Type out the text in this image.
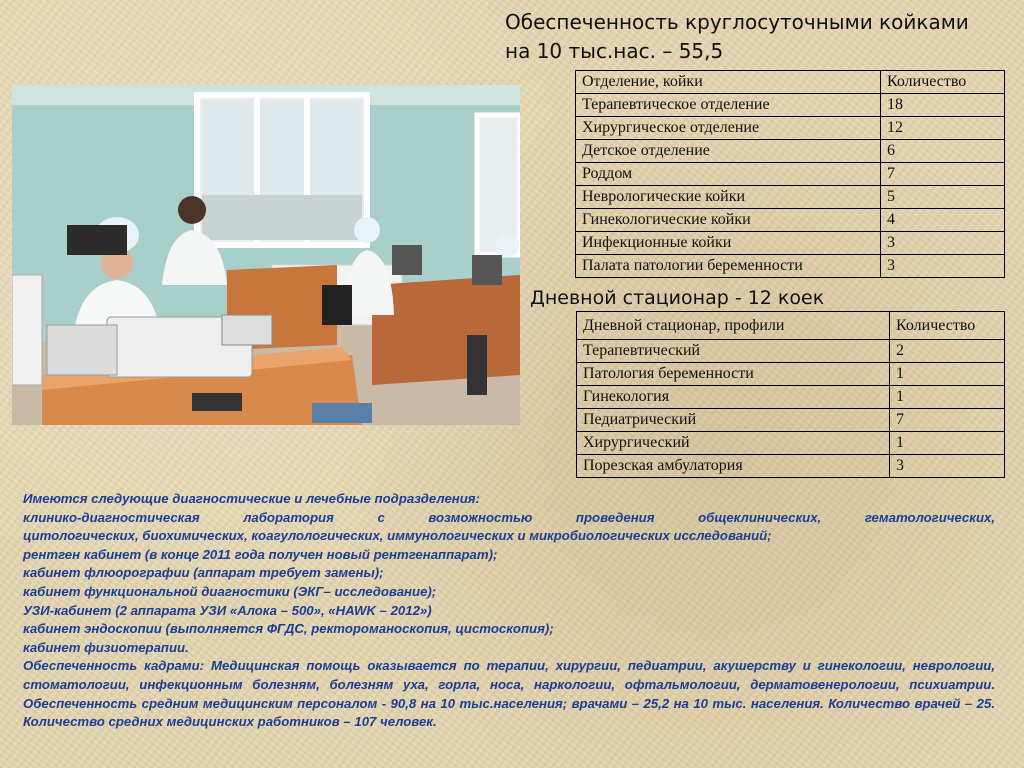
Обеспеченность круглосуточными койками
на 10 тыс.нас. – 55,5
Отделение, койки	Количество
Терапевтическое отделение	18
Хирургическое отделение	12
Детское отделение	6
Роддом	7
Неврологические койки	5
Гинекологические койки	4
Инфекционные койки	3
Палата патологии беременности	3
Дневной стационар - 12 коек
Дневной стационар, профили	Количество
Терапевтический	2
Патология беременности	1
Гинекология	1
Педиатрический	7
Хирургический	1
Порезская амбулатория	3

Имеются следующие диагностические и лечебные подразделения:

клинико-диагностическая лаборатория с возможностью проведения общеклинических, гематологических,

цитологических, биохимических, коагулологических, иммунологических и микробиологических исследований;

рентген кабинет (в конце 2011 года получен новый рентгенаппарат);

кабинет флюорографии (аппарат требует замены);

кабинет функциональной диагностики (ЭКГ– исследование);

УЗИ-кабинет (2 аппарата УЗИ «Алока – 500», «HAWK – 2012»)

кабинет эндоскопии (выполняется ФГДС, ректороманоскопия, цистоскопия);

кабинет физиотерапии.

Обеспеченность кадрами: Медицинская помощь оказывается по терапии, хирургии, педиатрии, акушерству и гинекологии, неврологии, стоматологии, инфекционным болезням, болезням уха, горла, носа, наркологии, офтальмологии, дерматовенерологии, психиатрии. Обеспеченность средним медицинским персоналом - 90,8 на 10 тыс.населения; врачами – 25,2 на 10 тыс. населения. Количество врачей – 25. Количество средних медицинских работников – 107 человек.
